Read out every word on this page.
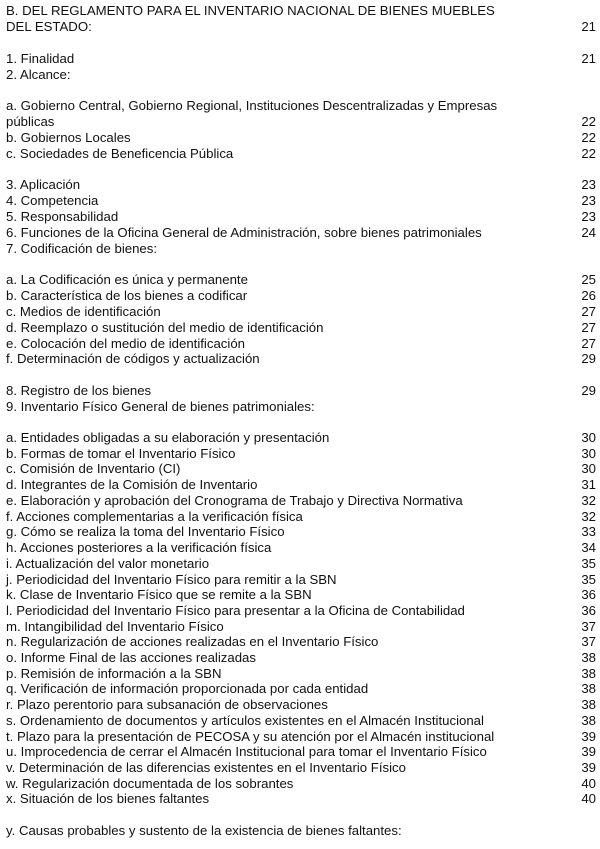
B. DEL REGLAMENTO PARA EL INVENTARIO NACIONAL DE BIENES MUEBLES
DEL ESTADO:	21
1. Finalidad	21
2. Alcance:
a. Gobierno Central, Gobierno Regional, Instituciones Descentralizadas y Empresas
públicas	22
b. Gobiernos Locales	22
c. Sociedades de Beneficencia Pública	22
3. Aplicación	23
4. Competencia	23
5. Responsabilidad	23
6. Funciones de la Oficina General de Administración, sobre bienes patrimoniales	24
7. Codificación de bienes:
a. La Codificación es única y permanente	25
b. Característica de los bienes a codificar	26
c. Medios de identificación	27
d. Reemplazo o sustitución del medio de identificación	27
e. Colocación del medio de identificación	27
f. Determinación de códigos y actualización	29
8. Registro de los bienes	29
9. Inventario Físico General de bienes patrimoniales:
a. Entidades obligadas a su elaboración y presentación	30
b. Formas de tomar el Inventario Físico	30
c. Comisión de Inventario (CI)	30
d. Integrantes de la Comisión de Inventario	31
e. Elaboración y aprobación del Cronograma de Trabajo y Directiva Normativa	32
f. Acciones complementarias a la verificación física	32
g. Cómo se realiza la toma del Inventario Físico	33
h. Acciones posteriores a la verificación física	34
i. Actualización del valor monetario	35
j. Periodicidad del Inventario Físico para remitir a la SBN	35
k. Clase de Inventario Físico que se remite a la SBN	36
l. Periodicidad del Inventario Físico para presentar a la Oficina de Contabilidad	36
m. Intangibilidad del Inventario Físico	37
n. Regularización de acciones realizadas en el Inventario Físico	37
o. Informe Final de las acciones realizadas	38
p. Remisión de información a la SBN	38
q. Verificación de información proporcionada por cada entidad	38
r. Plazo perentorio para subsanación de observaciones	38
s. Ordenamiento de documentos y artículos existentes en el Almacén Institucional	38
t. Plazo para la presentación de PECOSA y su atención por el Almacén institucional	39
u. Improcedencia de cerrar el Almacén Institucional para tomar el Inventario Físico	39
v. Determinación de las diferencias existentes en el Inventario Físico	39
w. Regularización documentada de los sobrantes	40
x. Situación de los bienes faltantes	40
y. Causas probables y sustento de la existencia de bienes faltantes:
